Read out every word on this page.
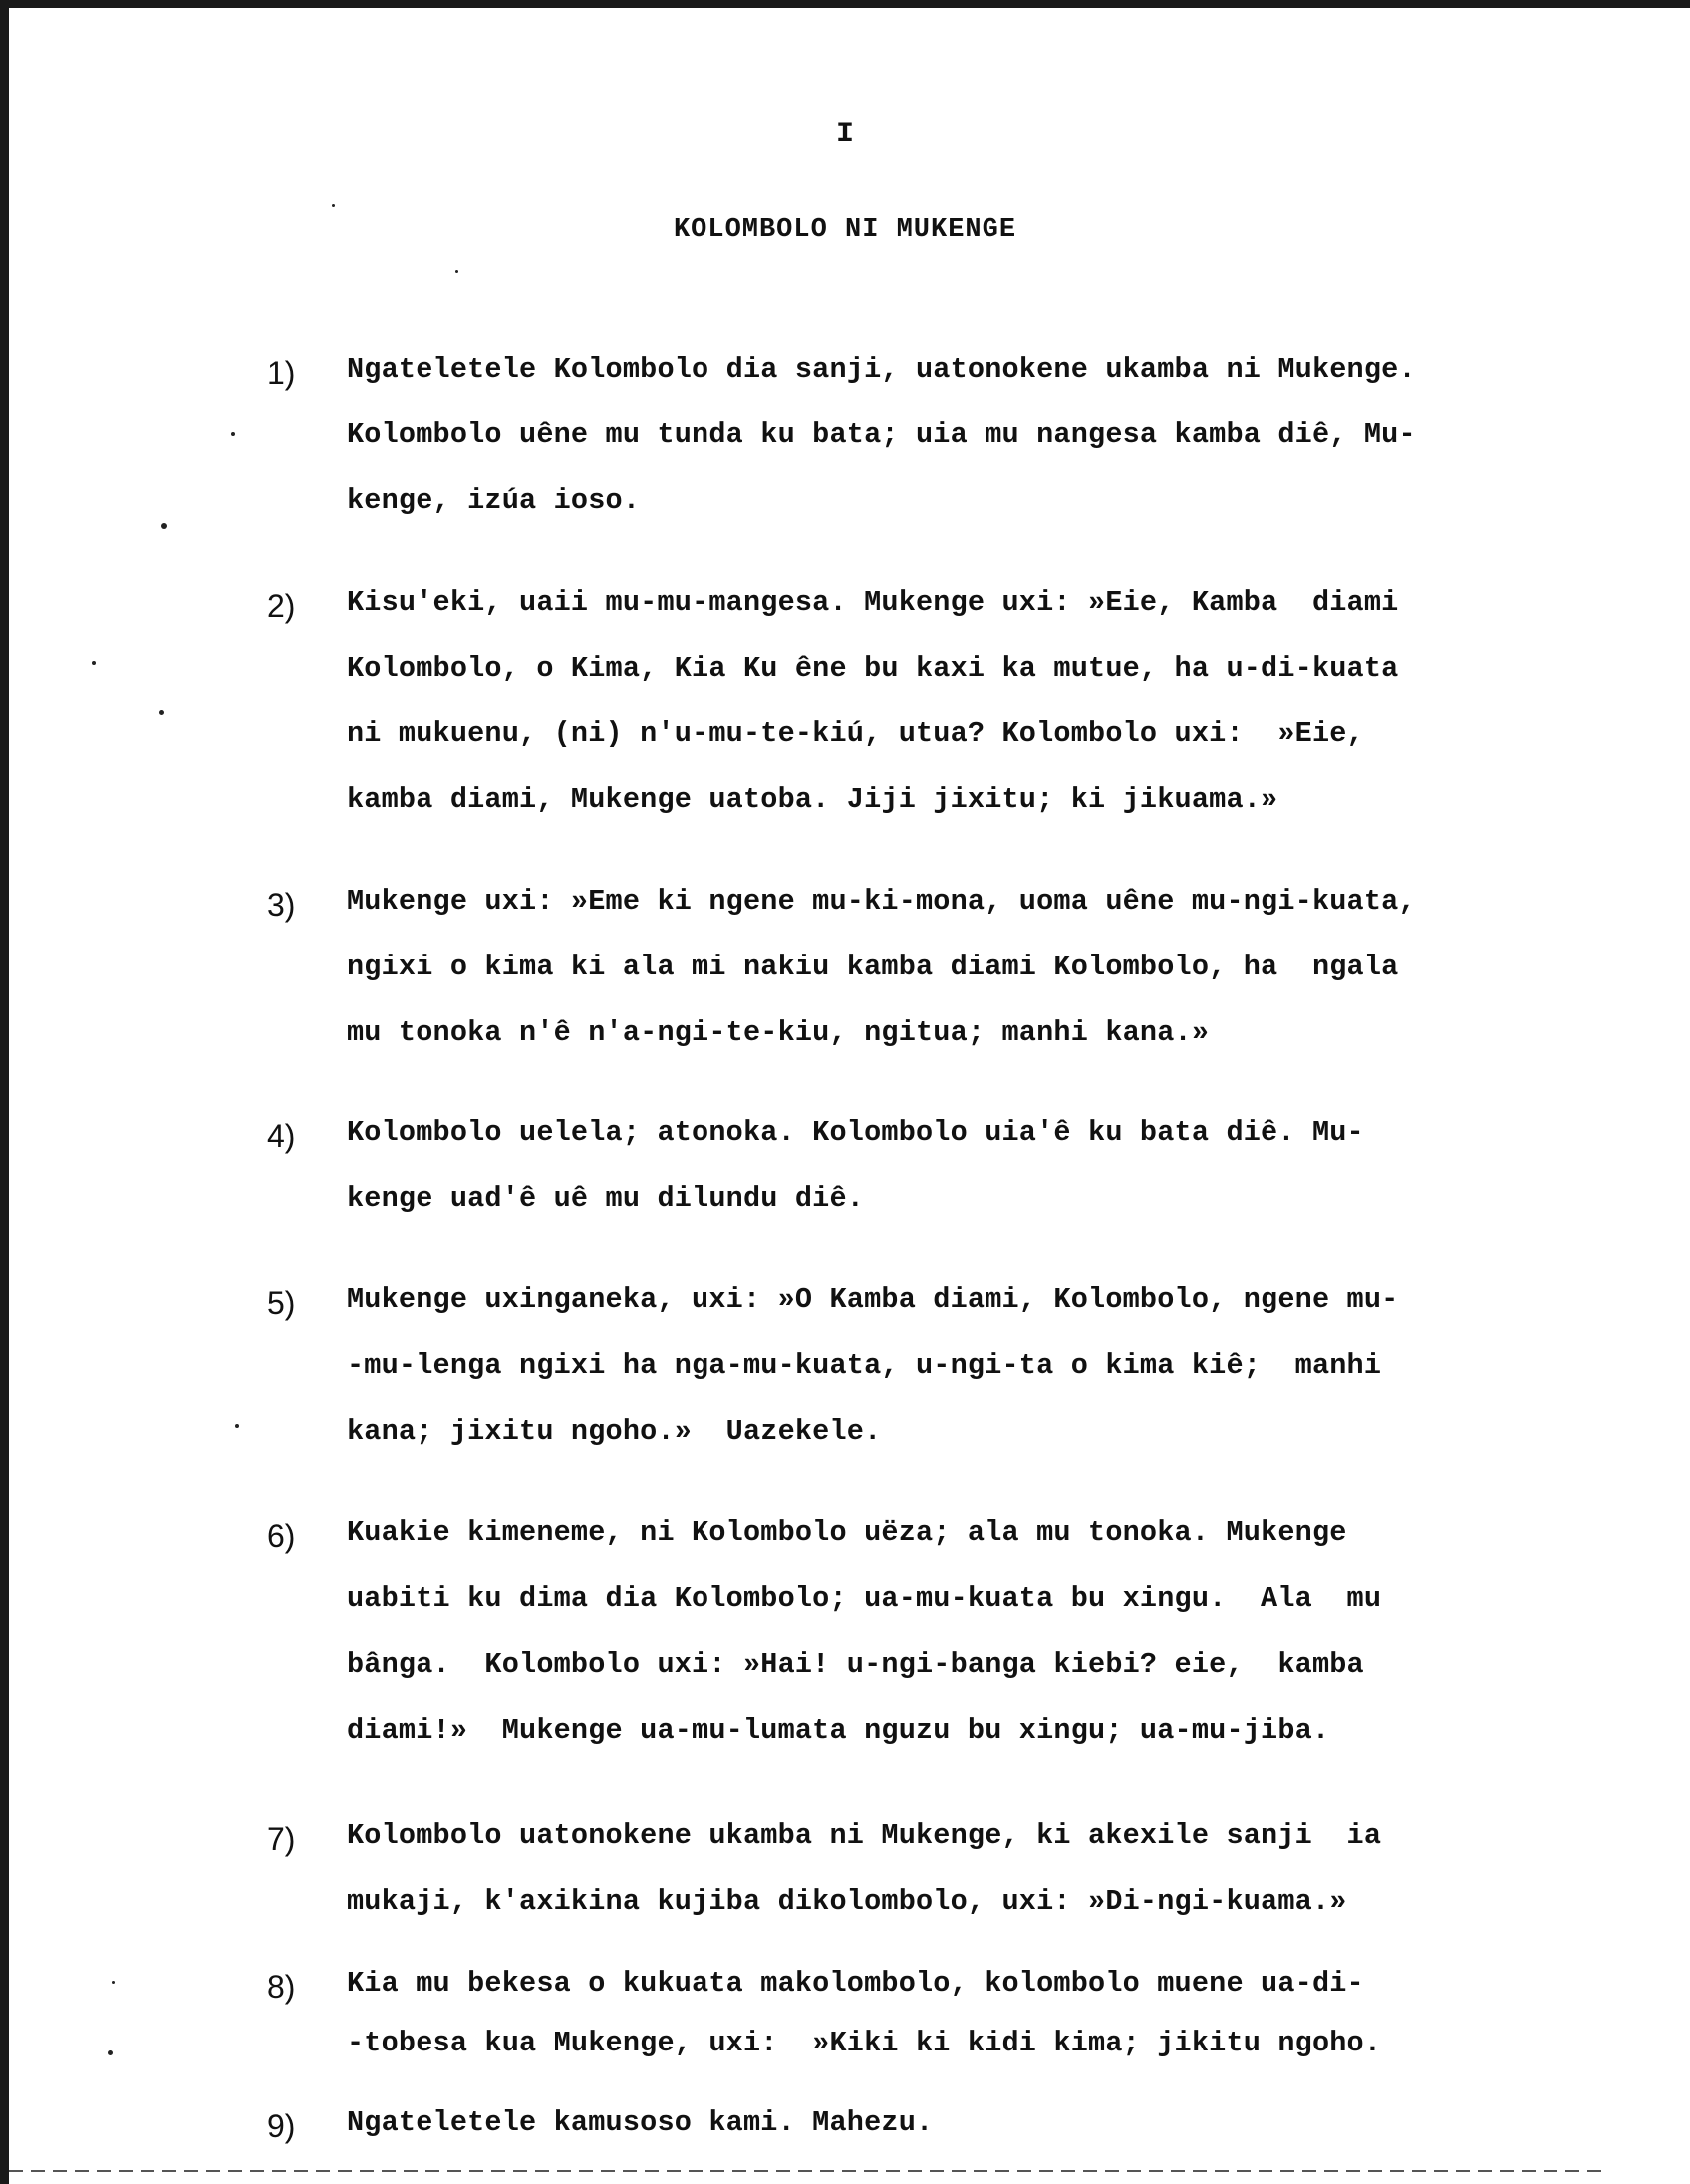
I
KOLOMBOLO NI MUKENGE
1)	Ngateletele Kolombolo dia sanji, uatonokene ukamba ni Mukenge.
Kolombolo uêne mu tunda ku bata; uia mu nangesa kamba diê, Mu-
kenge, izúa ioso.
2)	Kisu'eki, uaii mu-mu-mangesa. Mukenge uxi: »Eie, Kamba  diami
Kolombolo, o Kima, Kia Ku êne bu kaxi ka mutue, ha u-di-kuata
ni mukuenu, (ni) n'u-mu-te-kiú, utua? Kolombolo uxi:  »Eie,
kamba diami, Mukenge uatoba. Jiji jixitu; ki jikuama.»
3)	Mukenge uxi: »Eme ki ngene mu-ki-mona, uoma uêne mu-ngi-kuata,
ngixi o kima ki ala mi nakiu kamba diami Kolombolo, ha  ngala
mu tonoka n'ê n'a-ngi-te-kiu, ngitua; manhi kana.»
4)	Kolombolo uelela; atonoka. Kolombolo uia'ê ku bata diê. Mu-
kenge uad'ê uê mu dilundu diê.
5)	Mukenge uxinganeka, uxi: »O Kamba diami, Kolombolo, ngene mu-
-mu-lenga ngixi ha nga-mu-kuata, u-ngi-ta o kima kiê;  manhi
kana; jixitu ngoho.»  Uazekele.
6)	Kuakie kimeneme, ni Kolombolo uëza; ala mu tonoka. Mukenge
uabiti ku dima dia Kolombolo; ua-mu-kuata bu xingu.  Ala  mu
bânga.  Kolombolo uxi: »Hai! u-ngi-banga kiebi? eie,  kamba
diami!»  Mukenge ua-mu-lumata nguzu bu xingu; ua-mu-jiba.
7)	Kolombolo uatonokene ukamba ni Mukenge, ki akexile sanji  ia
mukaji, k'axikina kujiba dikolombolo, uxi: »Di-ngi-kuama.»
8)	Kia mu bekesa o kukuata makolombolo, kolombolo muene ua-di-
-tobesa kua Mukenge, uxi:  »Kiki ki kidi kima; jikitu ngoho.
9)	Ngateletele kamusoso kami. Mahezu.
